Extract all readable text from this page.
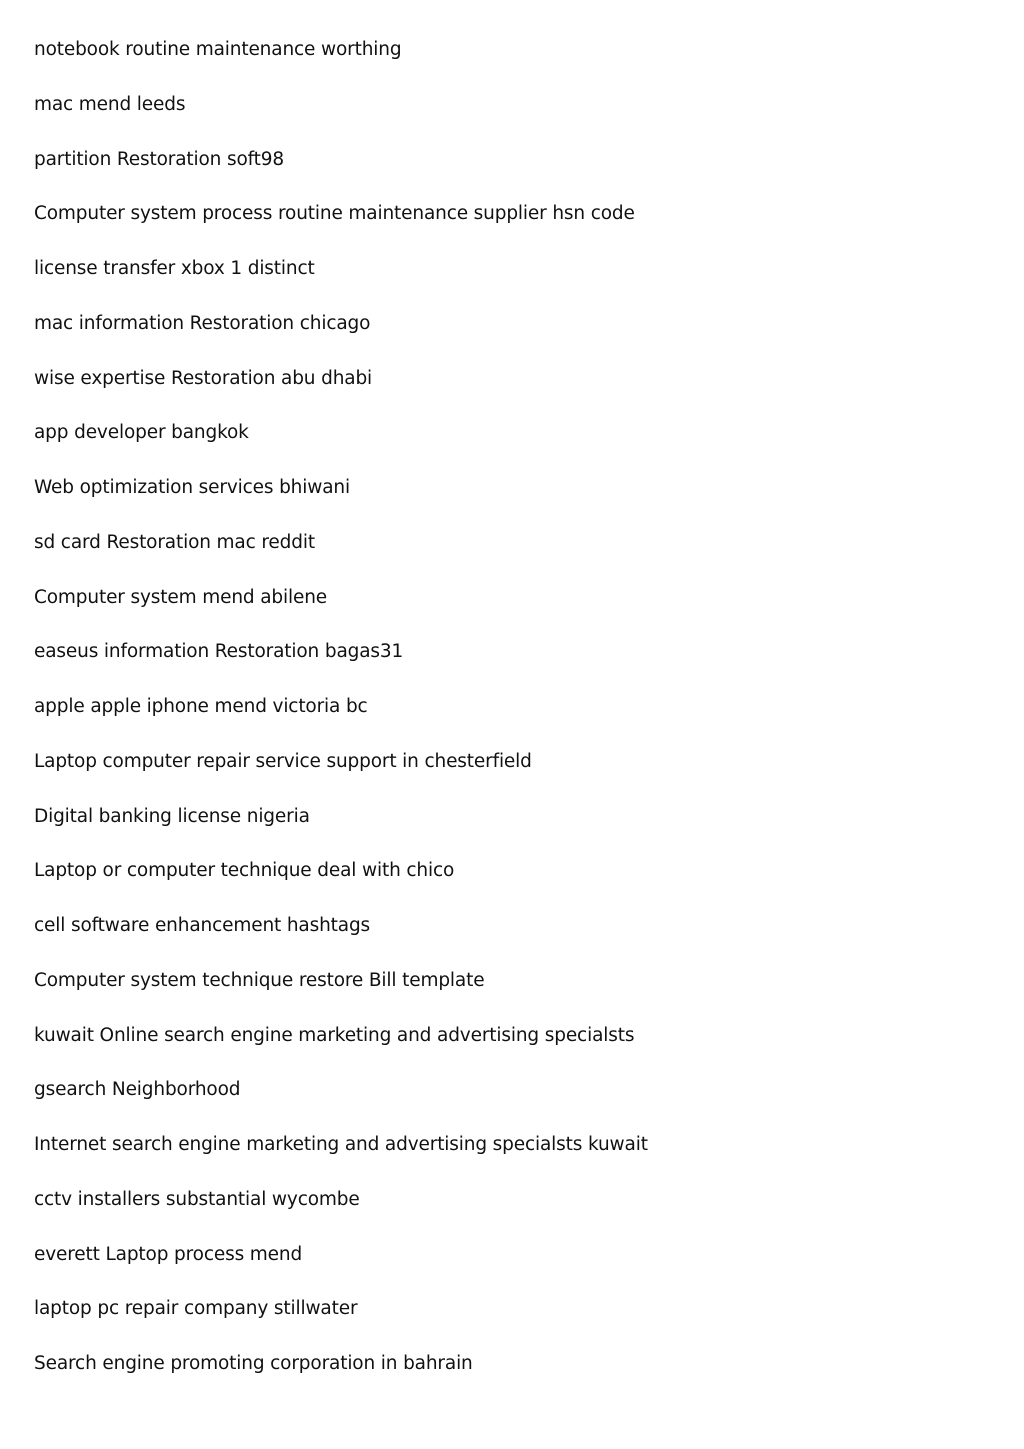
notebook routine maintenance worthing
mac mend leeds
partition Restoration soft98
Computer system process routine maintenance supplier hsn code
license transfer xbox 1 distinct
mac information Restoration chicago
wise expertise Restoration abu dhabi
app developer bangkok
Web optimization services bhiwani
sd card Restoration mac reddit
Computer system mend abilene
easeus information Restoration bagas31
apple apple iphone mend victoria bc
Laptop computer repair service support in chesterfield
Digital banking license nigeria
Laptop or computer technique deal with chico
cell software enhancement hashtags
Computer system technique restore Bill template
kuwait Online search engine marketing and advertising specialsts
gsearch Neighborhood
Internet search engine marketing and advertising specialsts kuwait
cctv installers substantial wycombe
everett Laptop process mend
laptop pc repair company stillwater
Search engine promoting corporation in bahrain
